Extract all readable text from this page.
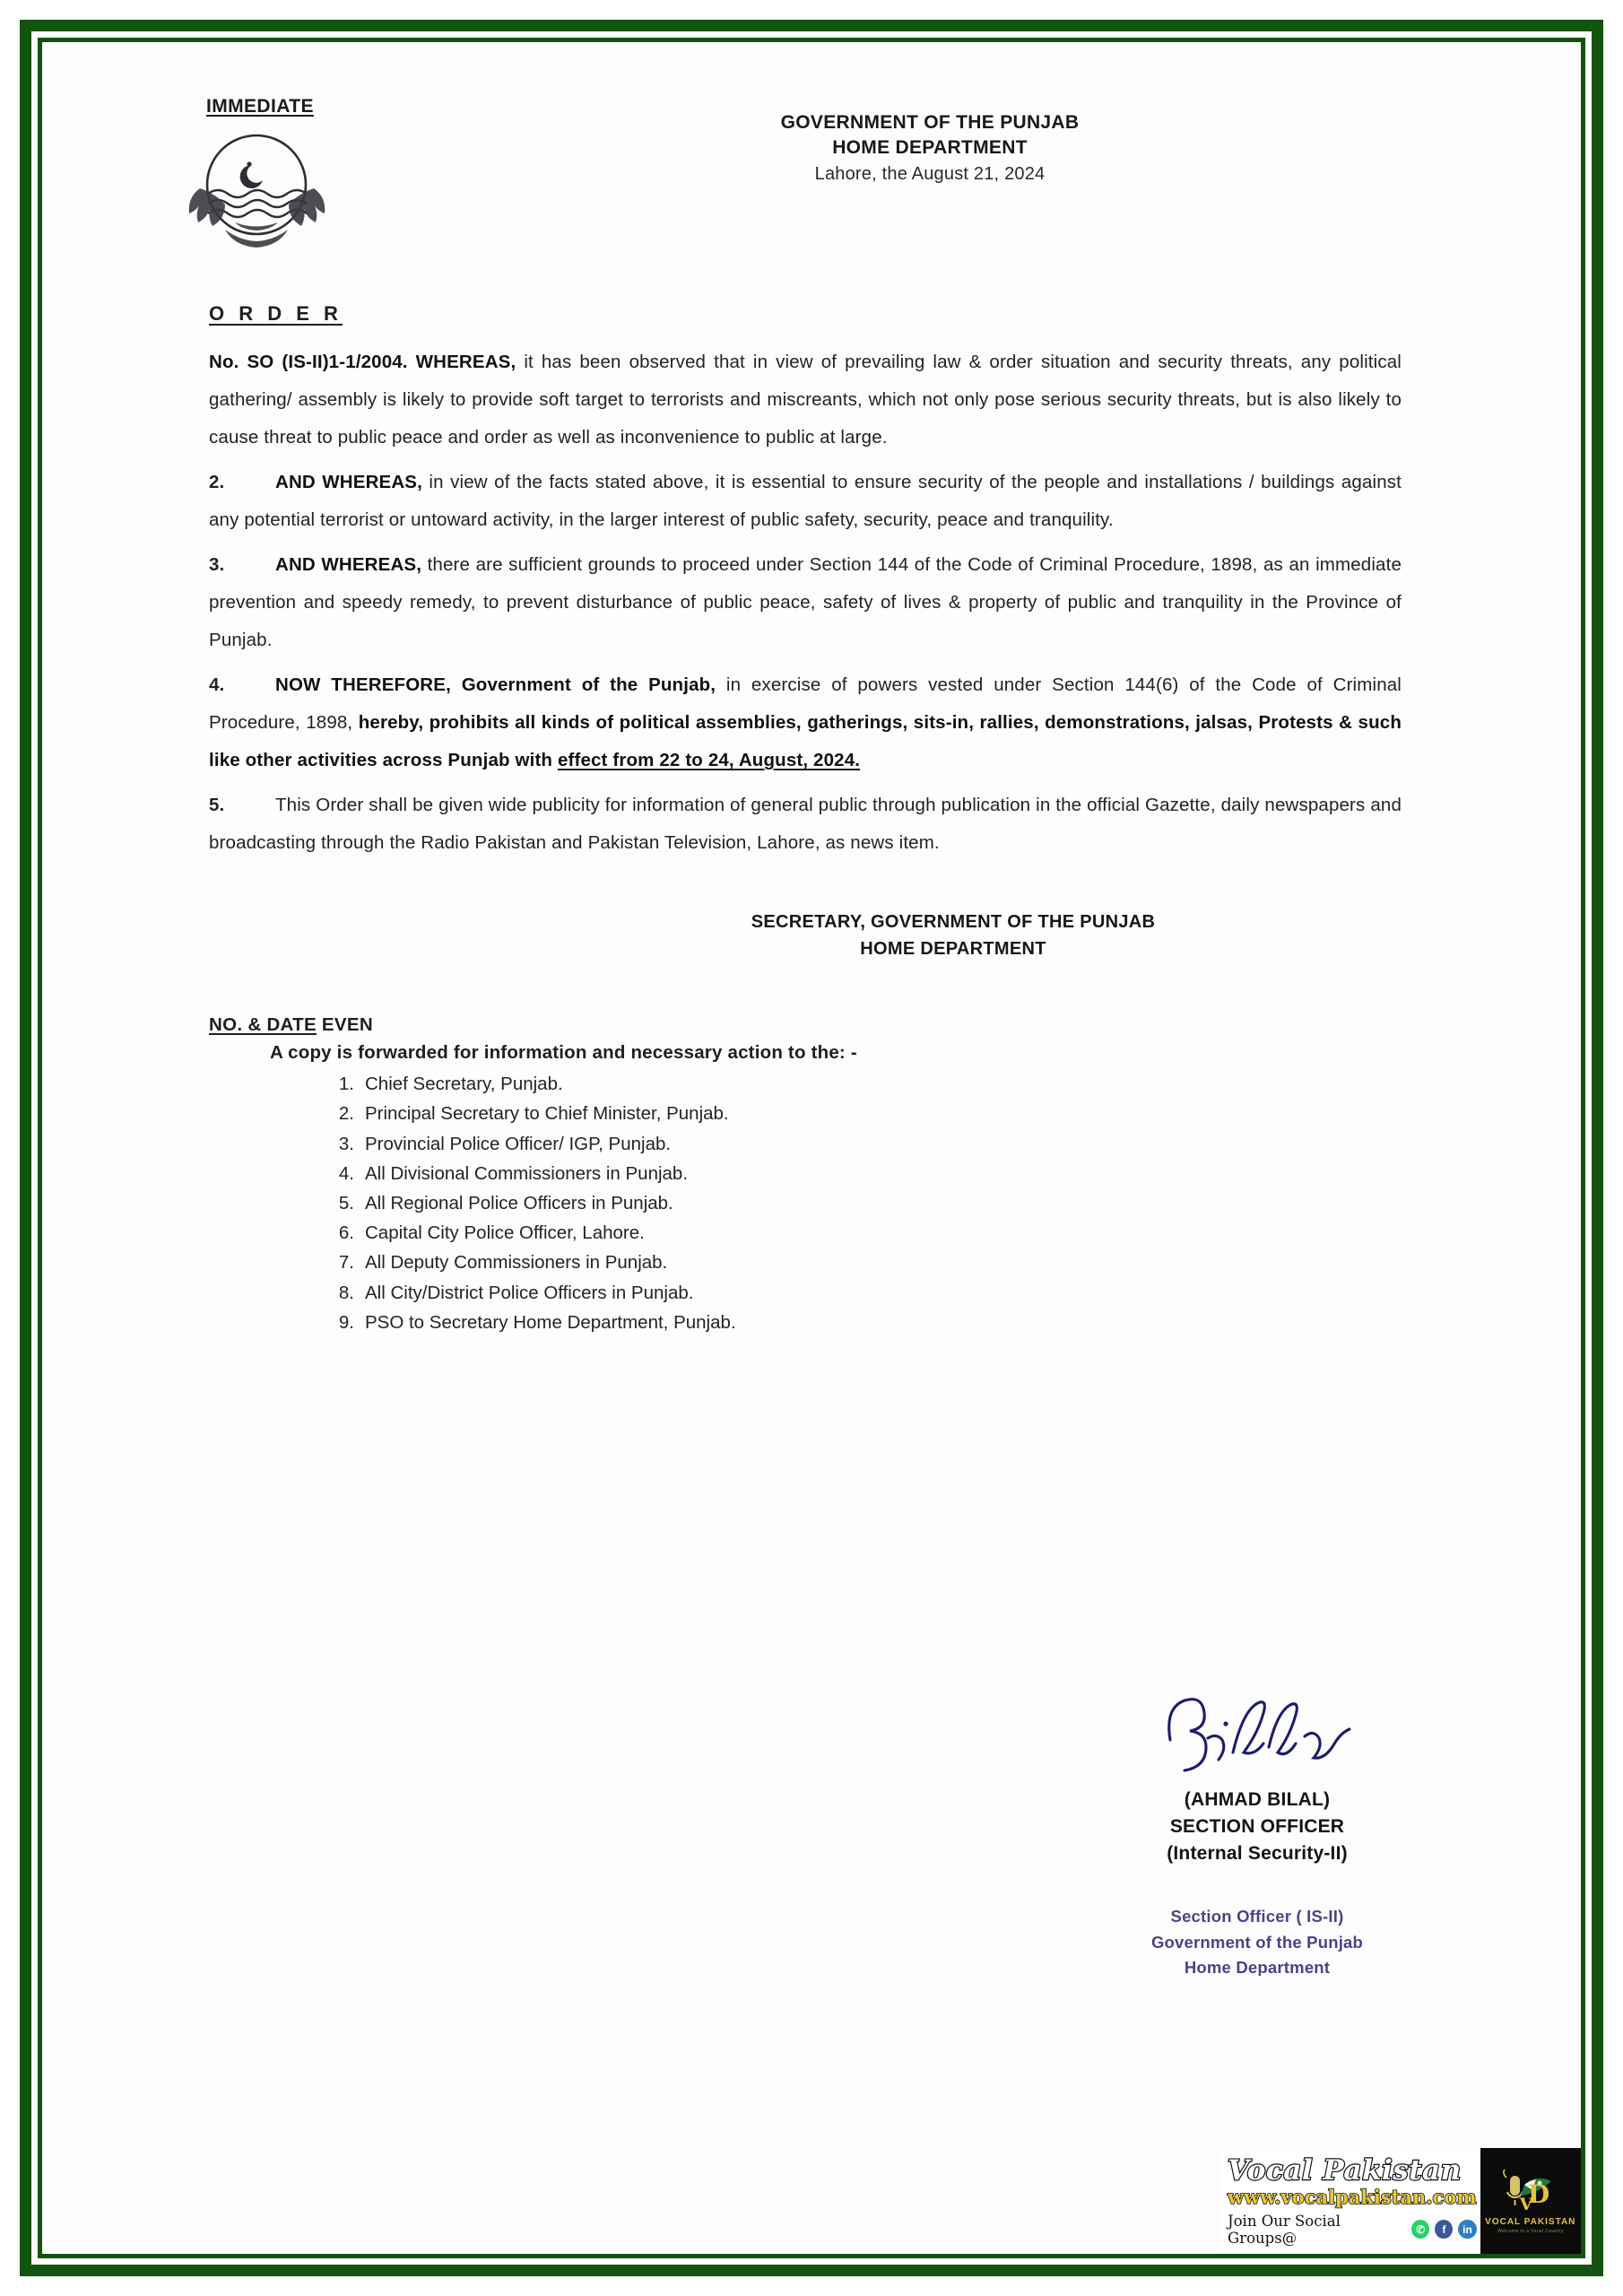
IMMEDIATE
GOVERNMENT OF THE PUNJAB
HOME DEPARTMENT
Lahore, the August 21, 2024
O R D E R

No. SO (IS-II)1-1/2004. WHEREAS, it has been observed that in view of prevailing law & order situation and security threats, any political gathering/ assembly is likely to provide soft target to terrorists and miscreants, which not only pose serious security threats, but is also likely to cause threat to public peace and order as well as inconvenience to public at large.

2.	AND WHEREAS, in view of the facts stated above, it is essential to ensure security of the people and installations / buildings against any potential terrorist or untoward activity, in the larger interest of public safety, security, peace and tranquility.

3.	AND WHEREAS, there are sufficient grounds to proceed under Section 144 of the Code of Criminal Procedure, 1898, as an immediate prevention and speedy remedy, to prevent disturbance of public peace, safety of lives & property of public and tranquility in the Province of Punjab.

4.	NOW THEREFORE, Government of the Punjab, in exercise of powers vested under Section 144(6) of the Code of Criminal Procedure, 1898, hereby, prohibits all kinds of political assemblies, gatherings, sits-in, rallies, demonstrations, jalsas, Protests & such like other activities across Punjab with effect from 22 to 24, August, 2024.

5.	This Order shall be given wide publicity for information of general public through publication in the official Gazette, daily newspapers and broadcasting through the Radio Pakistan and Pakistan Television, Lahore, as news item.

SECRETARY, GOVERNMENT OF THE PUNJAB
HOME DEPARTMENT
NO. & DATE EVEN
A copy is forwarded for information and necessary action to the: -
1. Chief Secretary, Punjab.
2. Principal Secretary to Chief Minister, Punjab.
3. Provincial Police Officer/ IGP, Punjab.
4. All Divisional Commissioners in Punjab.
5. All Regional Police Officers in Punjab.
6. Capital City Police Officer, Lahore.
7. All Deputy Commissioners in Punjab.
8. All City/District Police Officers in Punjab.
9. PSO to Secretary Home Department, Punjab.
(AHMAD BILAL)
SECTION OFFICER
(Internal Security-II)
Section Officer ( IS-II)
Government of the Punjab
Home Department
Vocal Pakistan
www.vocalpakistan.com
Join Our Social Groups@	✆	f	in
D
V
VOCAL PAKISTAN
Welcome to a Vocal Country
